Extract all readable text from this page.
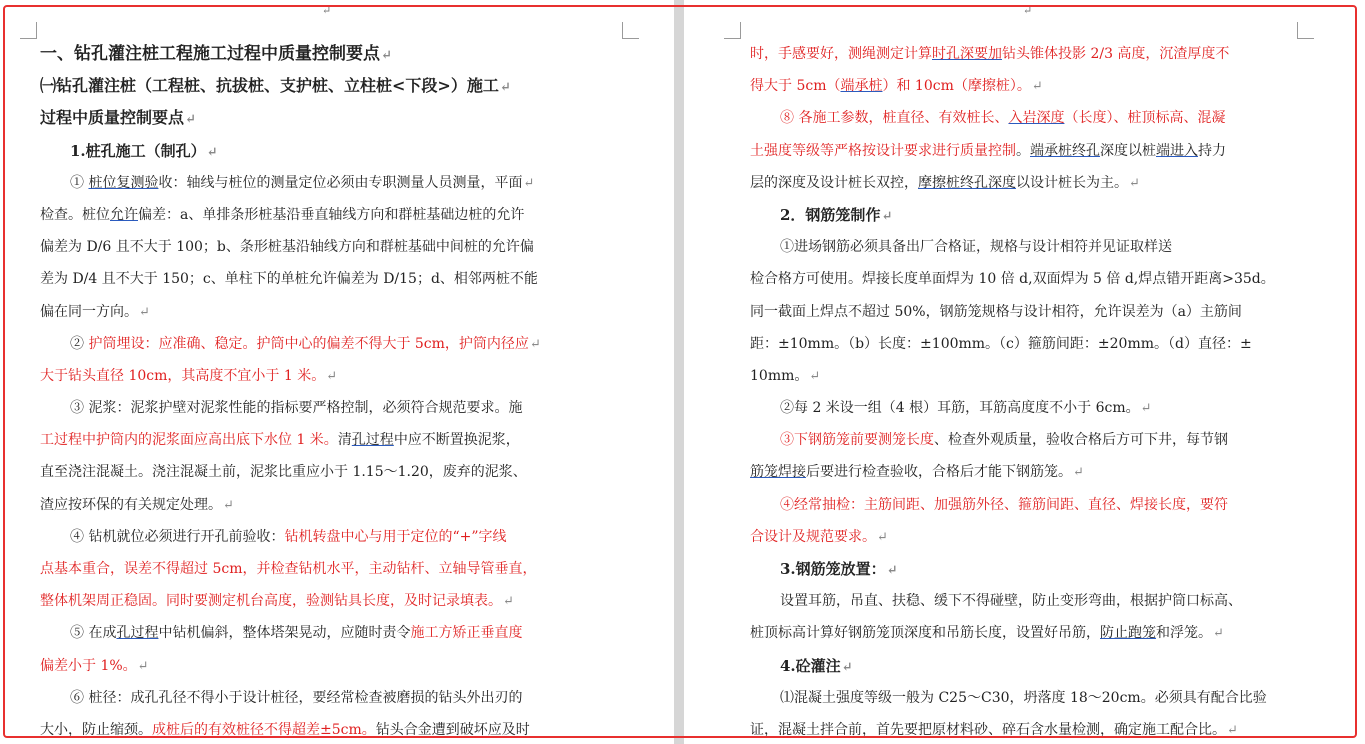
↵
一、钻孔灌注桩工程施工过程中质量控制要点↵
㈠钻孔灌注桩（工程桩、抗拔桩、支护桩、立柱桩<下段>）施工↵
过程中质量控制要点↵
1.桩孔施工（制孔）↵
① 桩位复测验收：轴线与桩位的测量定位必须由专职测量人员测量，平面↵
检查。桩位允许偏差：a、单排条形桩基沿垂直轴线方向和群桩基础边桩的允许
偏差为 D/6 且不大于 100；b、条形桩基沿轴线方向和群桩基础中间桩的允许偏
差为 D/4 且不大于 150；c、单柱下的单桩允许偏差为 D/15；d、相邻两桩不能
偏在同一方向。↵
② 护筒埋设：应准确、稳定。护筒中心的偏差不得大于 5cm，护筒内径应↵
大于钻头直径 10cm，其高度不宜小于 1 米。↵
③ 泥浆：泥浆护壁对泥浆性能的指标要严格控制，必须符合规范要求。施
工过程中护筒内的泥浆面应高出底下水位 1 米。清孔过程中应不断置换泥浆，
直至浇注混凝土。浇注混凝土前，泥浆比重应小于 1.15～1.20，废弃的泥浆、
渣应按环保的有关规定处理。↵
④ 钻机就位必须进行开孔前验收：钻机转盘中心与用于定位的“+”字线
点基本重合，误差不得超过 5cm，并检查钻机水平，主动钻杆、立轴导管垂直，
整体机架周正稳固。同时要测定机台高度，验测钻具长度，及时记录填表。↵
⑤ 在成孔过程中钻机偏斜，整体塔架晃动，应随时责令施工方矫正垂直度
偏差小于 1%。↵
⑥ 桩径：成孔孔径不得小于设计桩径，要经常检查被磨损的钻头外出刃的
大小，防止缩颈。成桩后的有效桩径不得超差±5cm。钻头合金遭到破坏应及时
↵
时，手感要好，测绳测定计算时孔深要加钻头锥体投影 2/3 高度，沉渣厚度不
得大于 5cm（端承桩）和 10cm（摩擦桩）。↵
⑧ 各施工参数，桩直径、有效桩长、入岩深度（长度）、桩顶标高、混凝
土强度等级等严格按设计要求进行质量控制。端承桩终孔深度以桩端进入持力
层的深度及设计桩长双控，摩擦桩终孔深度以设计桩长为主。↵
2．钢筋笼制作↵
①进场钢筋必须具备出厂合格证，规格与设计相符并见证取样送
检合格方可使用。焊接长度单面焊为 10 倍 d,双面焊为 5 倍 d,焊点错开距离>35d。
同一截面上焊点不超过 50%，钢筋笼规格与设计相符，允许误差为（a）主筋间
距：±10mm。（b）长度：±100mm。（c）箍筋间距：±20mm。（d）直径：±
10mm。↵
②每 2 米设一组（4 根）耳筋，耳筋高度度不小于 6cm。↵
③下钢筋笼前要测笼长度、检查外观质量，验收合格后方可下井，每节钢
筋笼焊接后要进行检查验收，合格后才能下钢筋笼。↵
④经常抽检：主筋间距、加强筋外径、箍筋间距、直径、焊接长度，要符
合设计及规范要求。↵
3.钢筋笼放置：↵
设置耳筋，吊直、扶稳、缓下不得碰壁，防止变形弯曲，根据护筒口标高、
桩顶标高计算好钢筋笼顶深度和吊筋长度，设置好吊筋，防止跑笼和浮笼。↵
4.砼灌注↵
⑴混凝土强度等级一般为 C25～C30，坍落度 18～20cm。必须具有配合比验
证，混凝土拌合前，首先要把原材料砂、碎石含水量检测，确定施工配合比。↵
